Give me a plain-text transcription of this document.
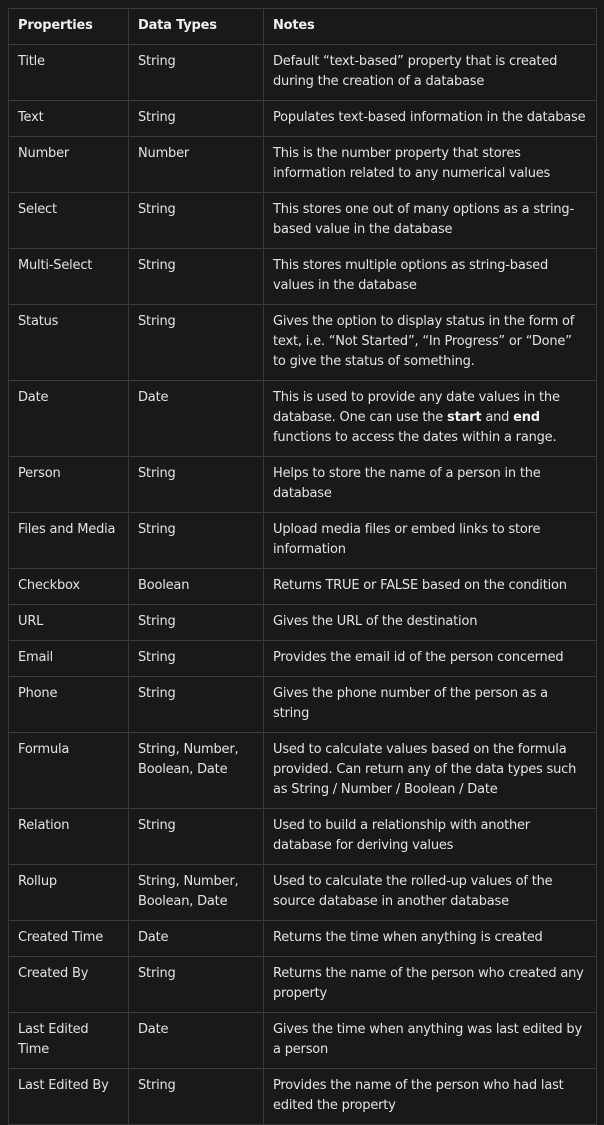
Properties	Data Types	Notes
Title	String	Default “text-based” property that is created during the creation of a database
Text	String	Populates text-based information in the database
Number	Number	This is the number property that stores information related to any numerical values
Select	String	This stores one out of many options as a string-based value in the database
Multi-Select	String	This stores multiple options as string-based values in the database
Status	String	Gives the option to display status in the form of text, i.e. “Not Started”, “In Progress” or “Done” to give the status of something.
Date	Date	This is used to provide any date values in the database. One can use the start and end functions to access the dates within a range.
Person	String	Helps to store the name of a person in the database
Files and Media	String	Upload media files or embed links to store information
Checkbox	Boolean	Returns TRUE or FALSE based on the condition
URL	String	Gives the URL of the destination
Email	String	Provides the email id of the person concerned
Phone	String	Gives the phone number of the person as a string
Formula	String, Number, Boolean, Date	Used to calculate values based on the formula provided. Can return any of the data types such as String / Number / Boolean / Date
Relation	String	Used to build a relationship with another database for deriving values
Rollup	String, Number, Boolean, Date	Used to calculate the rolled-up values of the source database in another database
Created Time	Date	Returns the time when anything is created
Created By	String	Returns the name of the person who created any property
Last Edited Time	Date	Gives the time when anything was last edited by a person
Last Edited By	String	Provides the name of the person who had last edited the property
